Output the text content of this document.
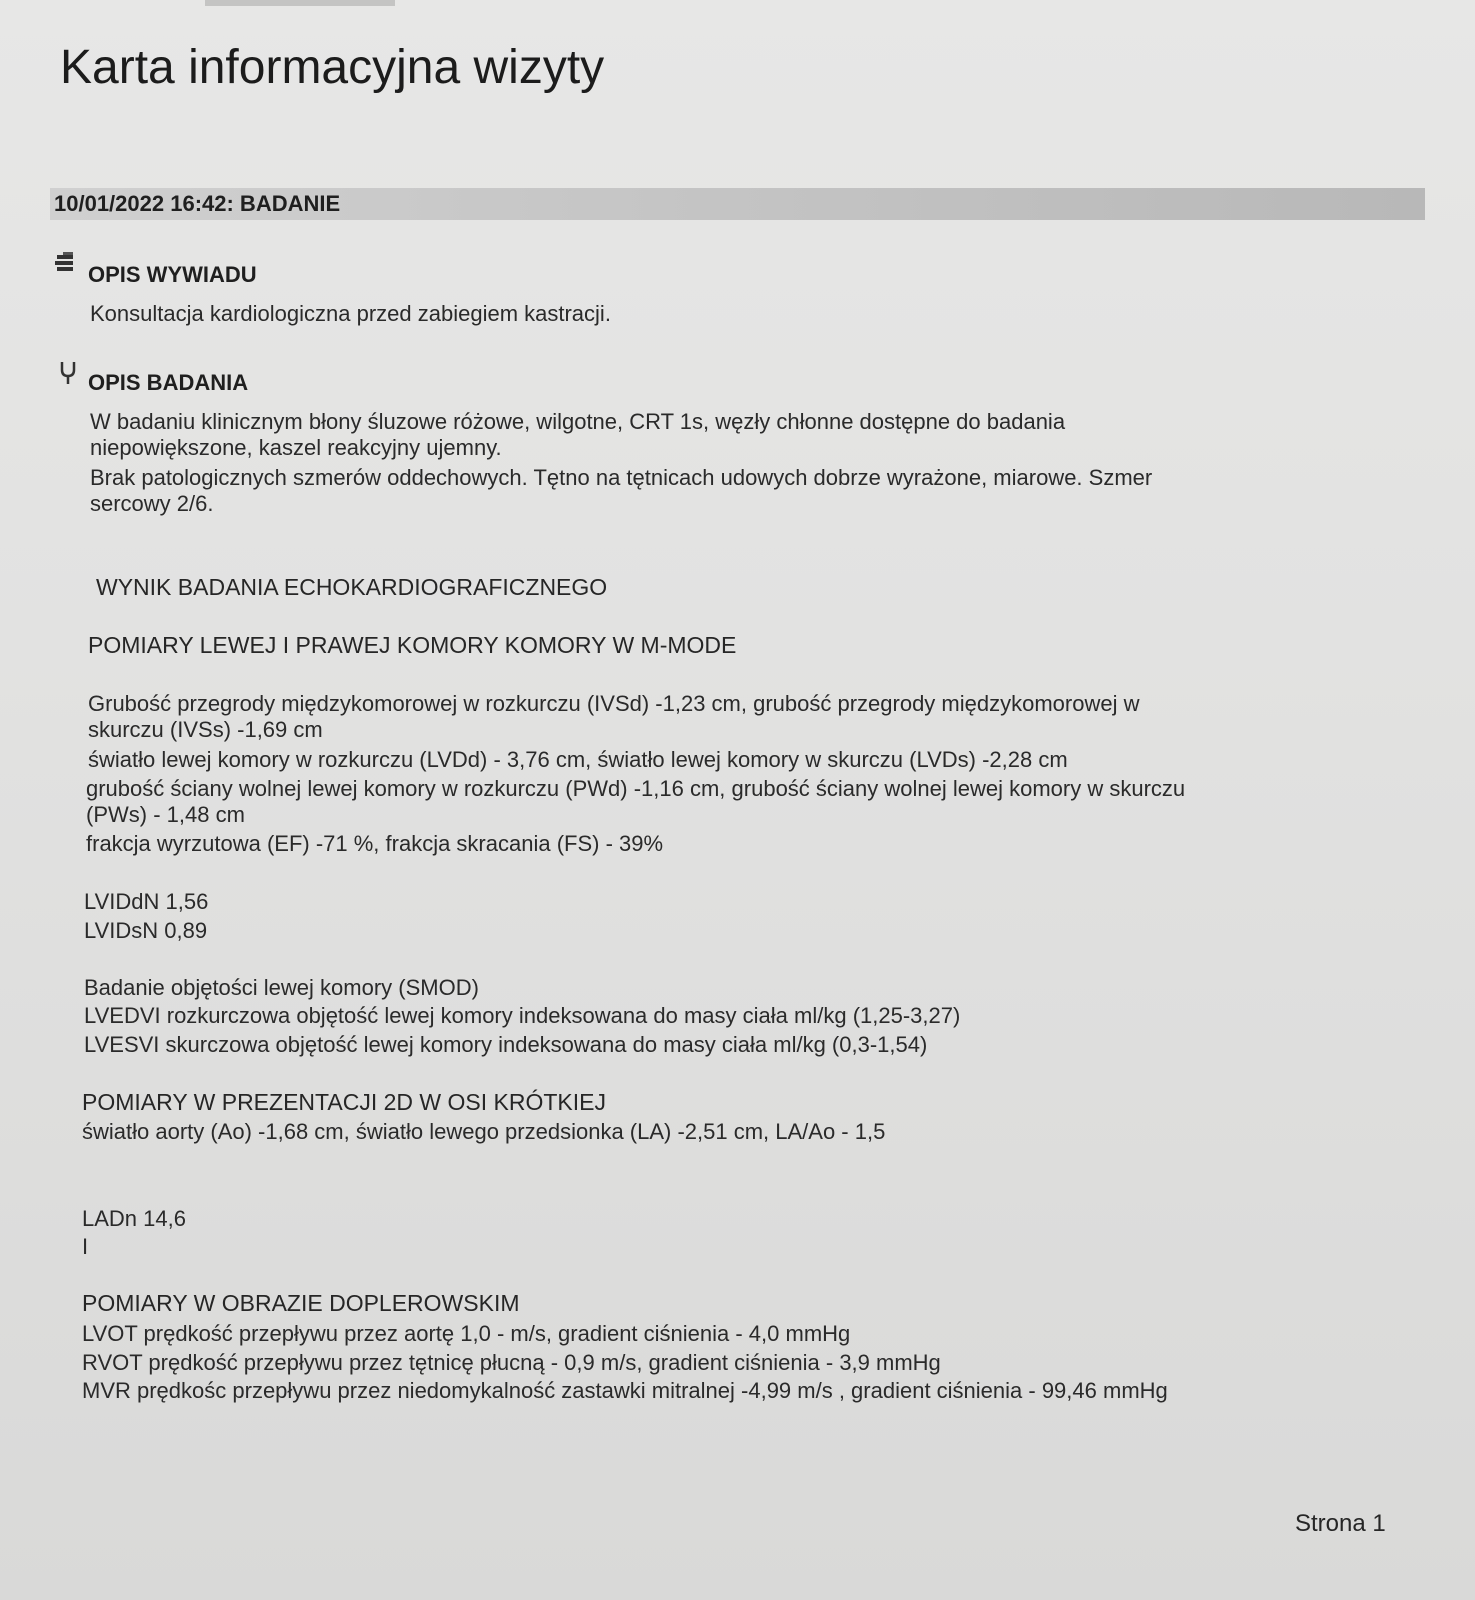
Karta informacyjna wizyty
10/01/2022 16:42: BADANIE
OPIS WYWIADU
Konsultacja kardiologiczna przed zabiegiem kastracji.
OPIS BADANIA
W badaniu klinicznym błony śluzowe różowe, wilgotne, CRT 1s, węzły chłonne dostępne do badania
niepowiększone, kaszel reakcyjny ujemny.
Brak patologicznych szmerów oddechowych. Tętno na tętnicach udowych dobrze wyrażone, miarowe. Szmer
sercowy 2/6.
WYNIK BADANIA ECHOKARDIOGRAFICZNEGO
POMIARY LEWEJ I PRAWEJ KOMORY KOMORY W M-MODE
Grubość przegrody międzykomorowej w rozkurczu (IVSd) -1,23 cm, grubość przegrody międzykomorowej w
skurczu (IVSs) -1,69 cm
światło lewej komory w rozkurczu (LVDd) - 3,76 cm, światło lewej komory w skurczu (LVDs) -2,28 cm
grubość ściany wolnej lewej komory w rozkurczu (PWd) -1,16 cm, grubość ściany wolnej lewej komory w skurczu
(PWs) - 1,48 cm
frakcja wyrzutowa (EF) -71 %, frakcja skracania (FS) - 39%
LVIDdN 1,56
LVIDsN 0,89
Badanie objętości lewej komory (SMOD)
LVEDVI rozkurczowa objętość lewej komory indeksowana do masy ciała ml/kg (1,25-3,27)
LVESVI skurczowa objętość lewej komory indeksowana do masy ciała ml/kg (0,3-1,54)
POMIARY W PREZENTACJI 2D W OSI KRÓTKIEJ
światło aorty (Ao) -1,68 cm, światło lewego przedsionka (LA) -2,51 cm, LA/Ao - 1,5
LADn 14,6
I
POMIARY W OBRAZIE DOPLEROWSKIM
LVOT prędkość przepływu przez aortę 1,0 - m/s, gradient ciśnienia - 4,0 mmHg
RVOT prędkość przepływu przez tętnicę płucną - 0,9 m/s, gradient ciśnienia - 3,9 mmHg
MVR prędkośc przepływu przez niedomykalność zastawki mitralnej -4,99 m/s , gradient ciśnienia - 99,46 mmHg
Strona 1
